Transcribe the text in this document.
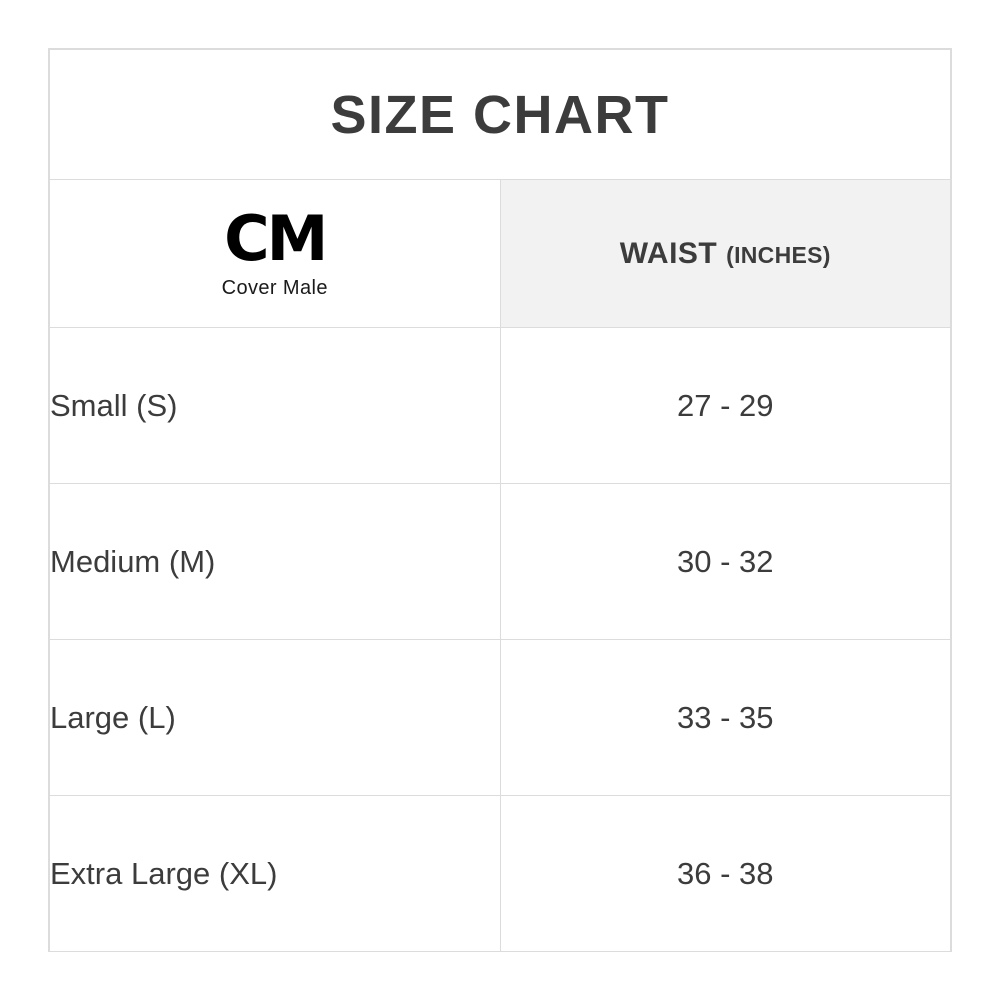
SIZE CHART	

CM
Cover Male	WAIST (INCHES)
Small (S)	27 - 29
Medium (M)	30 - 32
Large (L)	33 - 35
Extra Large (XL)	36 - 38
